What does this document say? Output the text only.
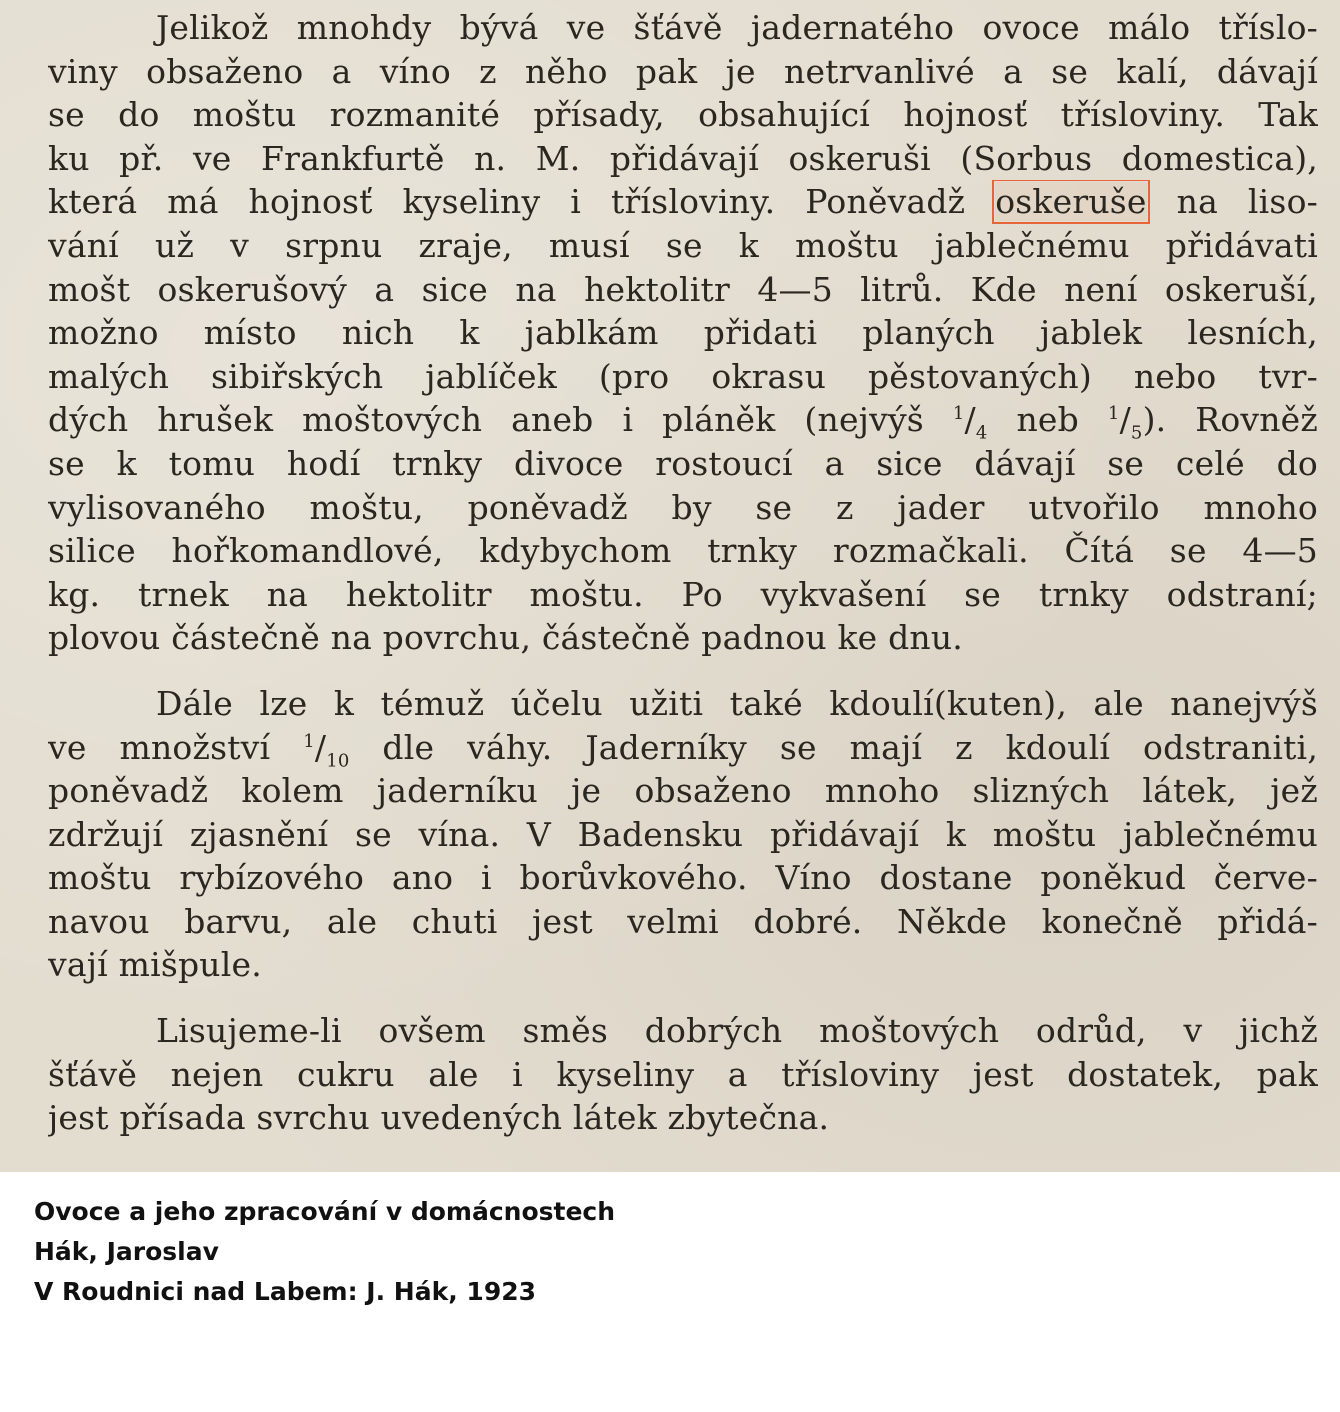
Jelikož mnohdy bývá ve šťávě jadernatého ovoce málo tříslo-
viny obsaženo a víno z něho pak je netrvanlivé a se kalí, dávají
se do moštu rozmanité přísady, obsahující hojnosť třísloviny. Tak
ku př. ve Frankfurtě n. M. přidávají oskeruši (Sorbus domestica),
která má hojnosť kyseliny i třísloviny. Poněvadž oskeruše na liso-
vání už v srpnu zraje, musí se k moštu jablečnému přidávati
mošt oskerušový a sice na hektolitr 4—5 litrů. Kde není oskeruší,
možno místo nich k jablkám přidati planých jablek lesních,
malých sibiřských jablíček (pro okrasu pěstovaných) nebo tvr-
dých hrušek moštových aneb i pláněk (nejvýš $^1/_4$ neb $^1/_5$). Rovněž
se k tomu hodí trnky divoce rostoucí a sice dávají se celé do
vylisovaného moštu, poněvadž by se z jader utvořilo mnoho
silice hořkomandlové, kdybychom trnky rozmačkali. Čítá se 4—5
kg. trnek na hektolitr moštu. Po vykvašení se trnky odstraní;
plovou částečně na povrchu, částečně padnou ke dnu.
Dále lze k témuž účelu užiti také kdoulí(kuten), ale nanejvýš
ve množství $^1/_{10}$ dle váhy. Jaderníky se mají z kdoulí odstraniti,
poněvadž kolem jaderníku je obsaženo mnoho slizných látek, jež
zdržují zjasnění se vína. V Badensku přidávají k moštu jablečnému
moštu rybízového ano i borůvkového. Víno dostane poněkud červe-
navou barvu, ale chuti jest velmi dobré. Někde konečně přidá-
vají mišpule.
Lisujeme-li ovšem směs dobrých moštových odrůd, v jichž
šťávě nejen cukru ale i kyseliny a třísloviny jest dostatek, pak
jest přísada svrchu uvedených látek zbytečna.
Ovoce a jeho zpracování v domácnostech
Hák, Jaroslav
V Roudnici nad Labem: J. Hák, 1923
